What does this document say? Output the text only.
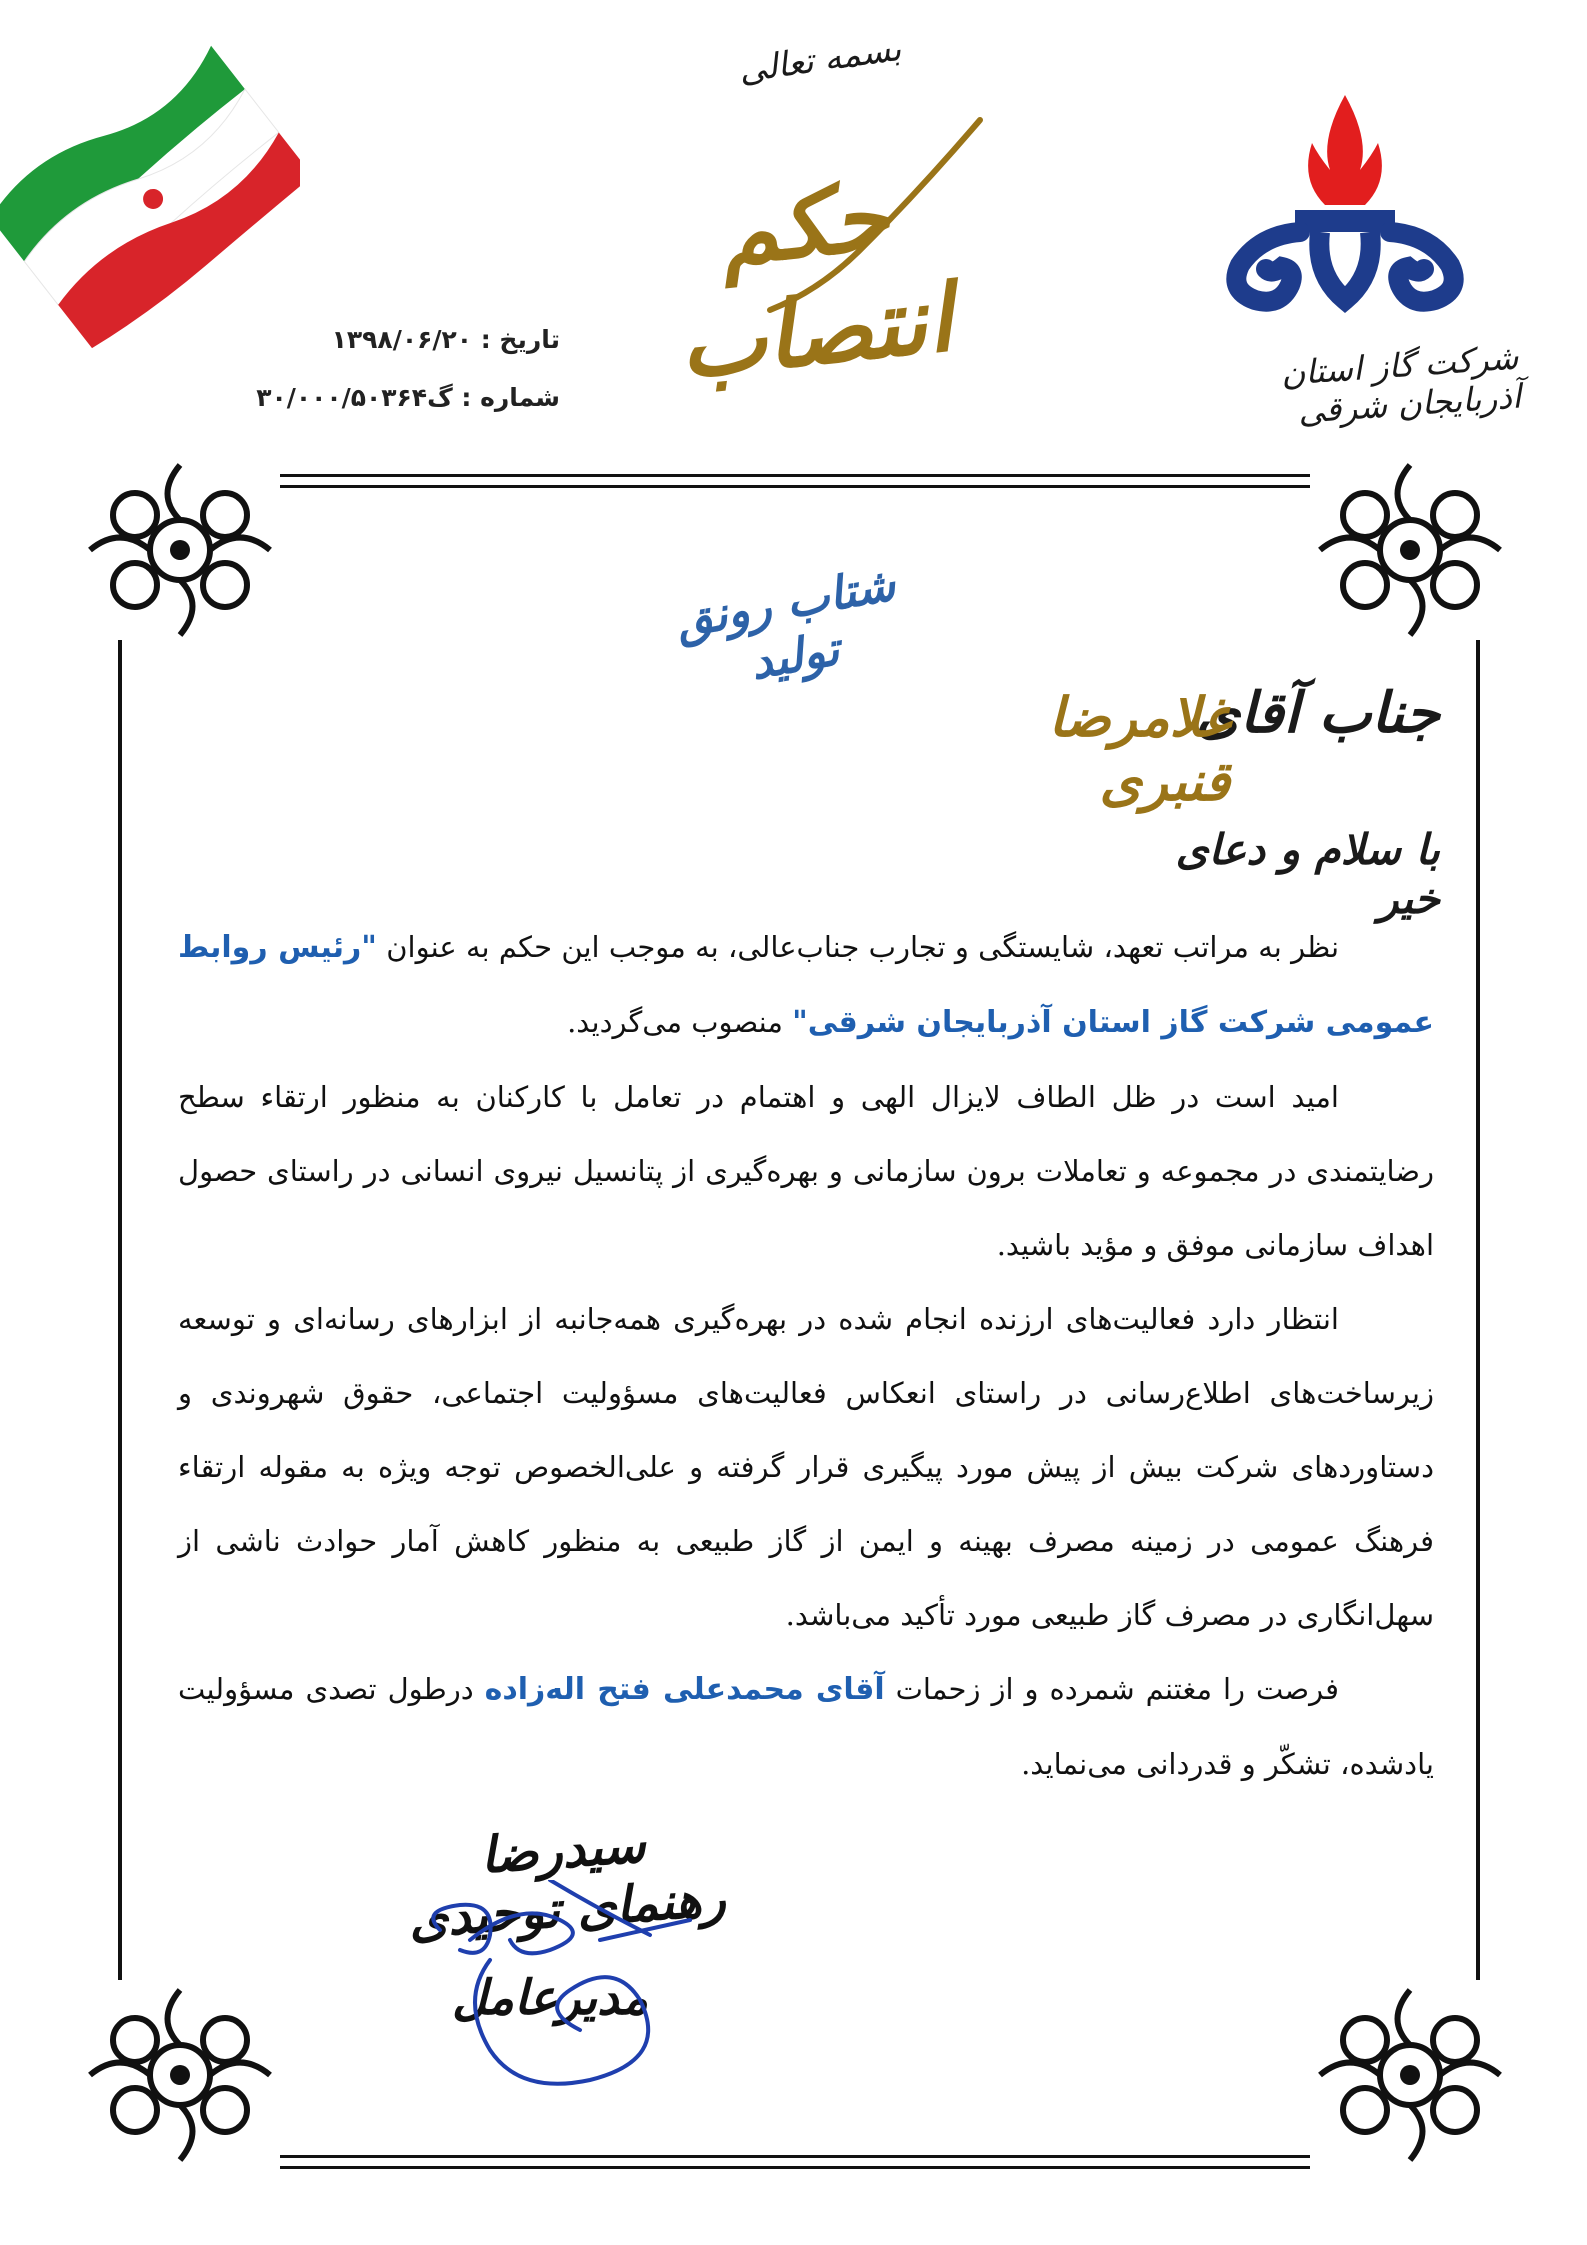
بسمه تعالی
حکم انتصاب
تاریخ : ۱۳۹۸/۰۶/۲۰
شماره : گ۳۰/۰۰۰/۵۰۳۶۴
شرکت گاز استان آذربایجان شرقی
شتاب رونق تولید
جناب آقای
غلامرضا قنبری
با سلام و دعای خیر

نظر به مراتب تعهد، شایستگی و تجارب جناب‌عالی، به موجب این حکم به عنوان "رئیس روابط عمومی شرکت گاز استان آذربایجان شرقی" منصوب می‌گردید.

امید است در ظل الطاف لایزال الهی و اهتمام در تعامل با کارکنان به منظور ارتقاء سطح رضایتمندی در مجموعه و تعاملات برون سازمانی و بهره‌گیری از پتانسیل نیروی انسانی در راستای حصول اهداف سازمانی موفق و مؤید باشید.

انتظار دارد فعالیت‌های ارزنده انجام شده در بهره‌گیری همه‌جانبه از ابزارهای رسانه‌ای و توسعه زیرساخت‌های اطلاع‌رسانی در راستای انعکاس فعالیت‌های مسؤولیت اجتماعی، حقوق شهروندی و دستاوردهای شرکت بیش از پیش مورد پیگیری قرار گرفته و علی‌الخصوص توجه ویژه به مقوله ارتقاء فرهنگ عمومی در زمینه مصرف بهینه و ایمن از گاز طبیعی به منظور کاهش آمار حوادث ناشی از سهل‌انگاری در مصرف گاز طبیعی مورد تأکید می‌باشد.

فرصت را مغتنم شمرده و از زحمات آقای محمدعلی فتح اله‌زاده درطول تصدی مسؤولیت یادشده، تشکّر و قدردانی می‌نماید.

سیدرضا رهنمای توحیدی
مدیرعامل
